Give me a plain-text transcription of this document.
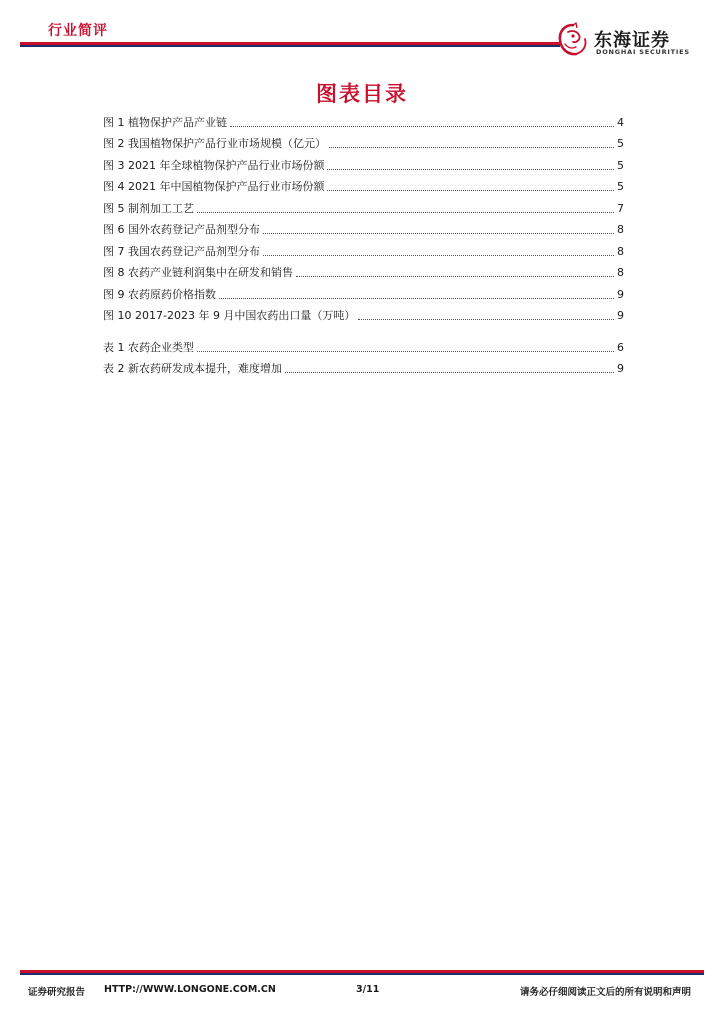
行业简评	东海证券
DONGHAI SECURITIES
图表目录
图 1 植物保护产品产业链	4
图 2 我国植物保护产品行业市场规模（亿元）	5
图 3 2021 年全球植物保护产品行业市场份额	5
图 4 2021 年中国植物保护产品行业市场份额	5
图 5 制剂加工工艺	7
图 6 国外农药登记产品剂型分布	8
图 7 我国农药登记产品剂型分布	8
图 8 农药产业链利润集中在研发和销售	8
图 9 农药原药价格指数	9
图 10 2017-2023 年 9 月中国农药出口量（万吨）	9
表 1 农药企业类型	6
表 2 新农药研发成本提升，难度增加	9
证券研究报告 HTTP://WWW.LONGONE.COM.CN	3/11	请务必仔细阅读正文后的所有说明和声明
